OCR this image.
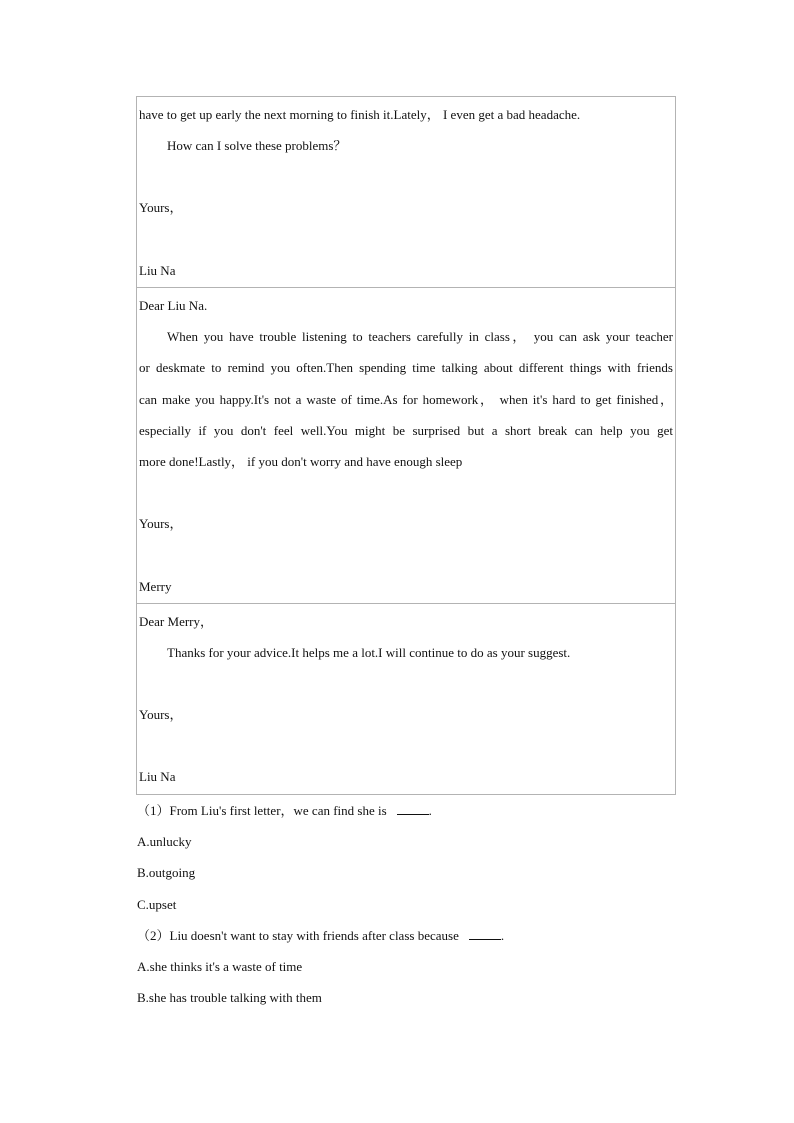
have to get up early the next morning to finish it.Lately， I even get a bad headache.
How can I solve these problems？
Yours，
Liu Na
Dear Liu Na.
When you have trouble listening to teachers carefully in class， you can ask your teacher
or deskmate to remind you often.Then spending time talking about different things with friends
can make you happy.It's not a waste of time.As for homework， when it's hard to get finished，
especially if you don't feel well.You might be surprised but a short break can help you get
more done!Lastly， if you don't worry and have enough sleep
Yours，
Merry
Dear Merry，
Thanks for your advice.It helps me a lot.I will continue to do as your suggest.
Yours，
Liu Na
（1）From Liu's first letter，we can find she is	.
A.unlucky
B.outgoing
C.upset
（2）Liu doesn't want to stay with friends after class because	.
A.she thinks it's a waste of time
B.she has trouble talking with them
